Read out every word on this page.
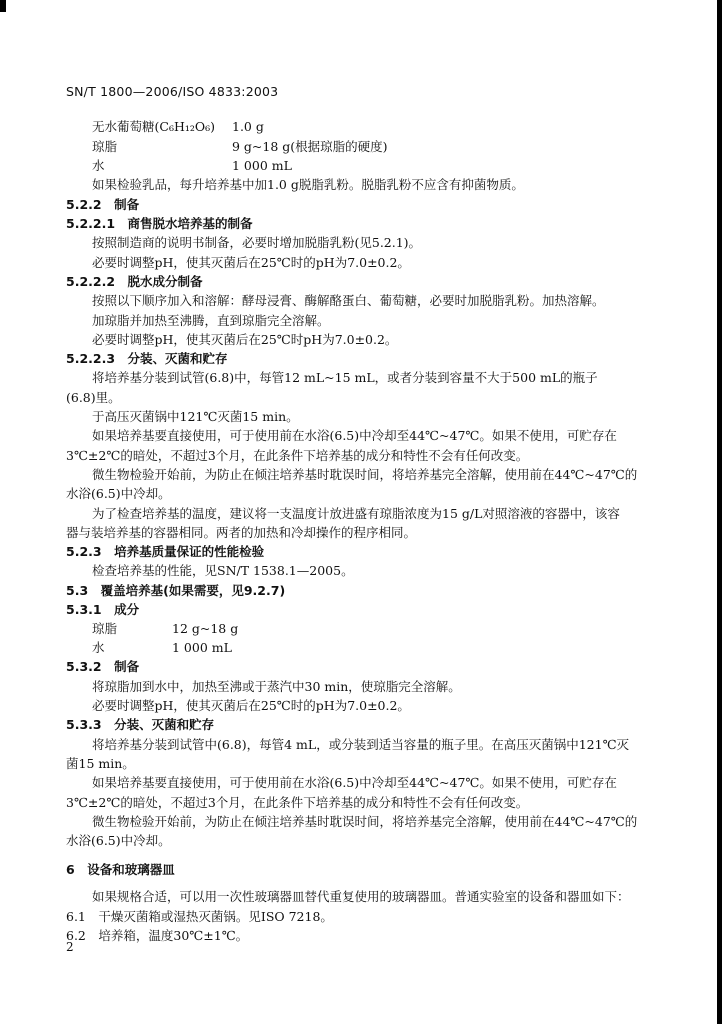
SN/T 1800—2006/ISO 4833:2003
无水葡萄糖(C₆H₁₂O₆) 1.0 g
琼脂	9 g~18 g(根据琼脂的硬度)
水	1 000 mL
如果检验乳品，每升培养基中加1.0 g脱脂乳粉。脱脂乳粉不应含有抑菌物质。
5.2.2　制备
5.2.2.1　商售脱水培养基的制备
按照制造商的说明书制备，必要时增加脱脂乳粉(见5.2.1)。
必要时调整pH，使其灭菌后在25℃时的pH为7.0±0.2。
5.2.2.2　脱水成分制备
按照以下顺序加入和溶解：酵母浸膏、酶解酪蛋白、葡萄糖，必要时加脱脂乳粉。加热溶解。
加琼脂并加热至沸腾，直到琼脂完全溶解。
必要时调整pH，使其灭菌后在25℃时pH为7.0±0.2。
5.2.2.3　分装、灭菌和贮存
将培养基分装到试管(6.8)中，每管12 mL~15 mL，或者分装到容量不大于500 mL的瓶子
(6.8)里。
于高压灭菌锅中121℃灭菌15 min。
如果培养基要直接使用，可于使用前在水浴(6.5)中冷却至44℃~47℃。如果不使用，可贮存在
3℃±2℃的暗处，不超过3个月，在此条件下培养基的成分和特性不会有任何改变。
微生物检验开始前，为防止在倾注培养基时耽误时间，将培养基完全溶解，使用前在44℃~47℃的
水浴(6.5)中冷却。
为了检查培养基的温度，建议将一支温度计放进盛有琼脂浓度为15 g/L对照溶液的容器中，该容
器与装培养基的容器相同。两者的加热和冷却操作的程序相同。
5.2.3　培养基质量保证的性能检验
检查培养基的性能，见SN/T 1538.1—2005。
5.3　覆盖培养基(如果需要，见9.2.7)
5.3.1　成分
琼脂	12 g~18 g
水	1 000 mL
5.3.2　制备
将琼脂加到水中，加热至沸或于蒸汽中30 min，使琼脂完全溶解。
必要时调整pH，使其灭菌后在25℃时的pH为7.0±0.2。
5.3.3　分装、灭菌和贮存
将培养基分装到试管中(6.8)，每管4 mL，或分装到适当容量的瓶子里。在高压灭菌锅中121℃灭
菌15 min。
如果培养基要直接使用，可于使用前在水浴(6.5)中冷却至44℃~47℃。如果不使用，可贮存在
3℃±2℃的暗处，不超过3个月，在此条件下培养基的成分和特性不会有任何改变。
微生物检验开始前，为防止在倾注培养基时耽误时间，将培养基完全溶解，使用前在44℃~47℃的
水浴(6.5)中冷却。
6　设备和玻璃器皿
如果规格合适，可以用一次性玻璃器皿替代重复使用的玻璃器皿。普通实验室的设备和器皿如下：
6.1　干燥灭菌箱或湿热灭菌锅。见ISO 7218。
6.2　培养箱，温度30℃±1℃。
2
